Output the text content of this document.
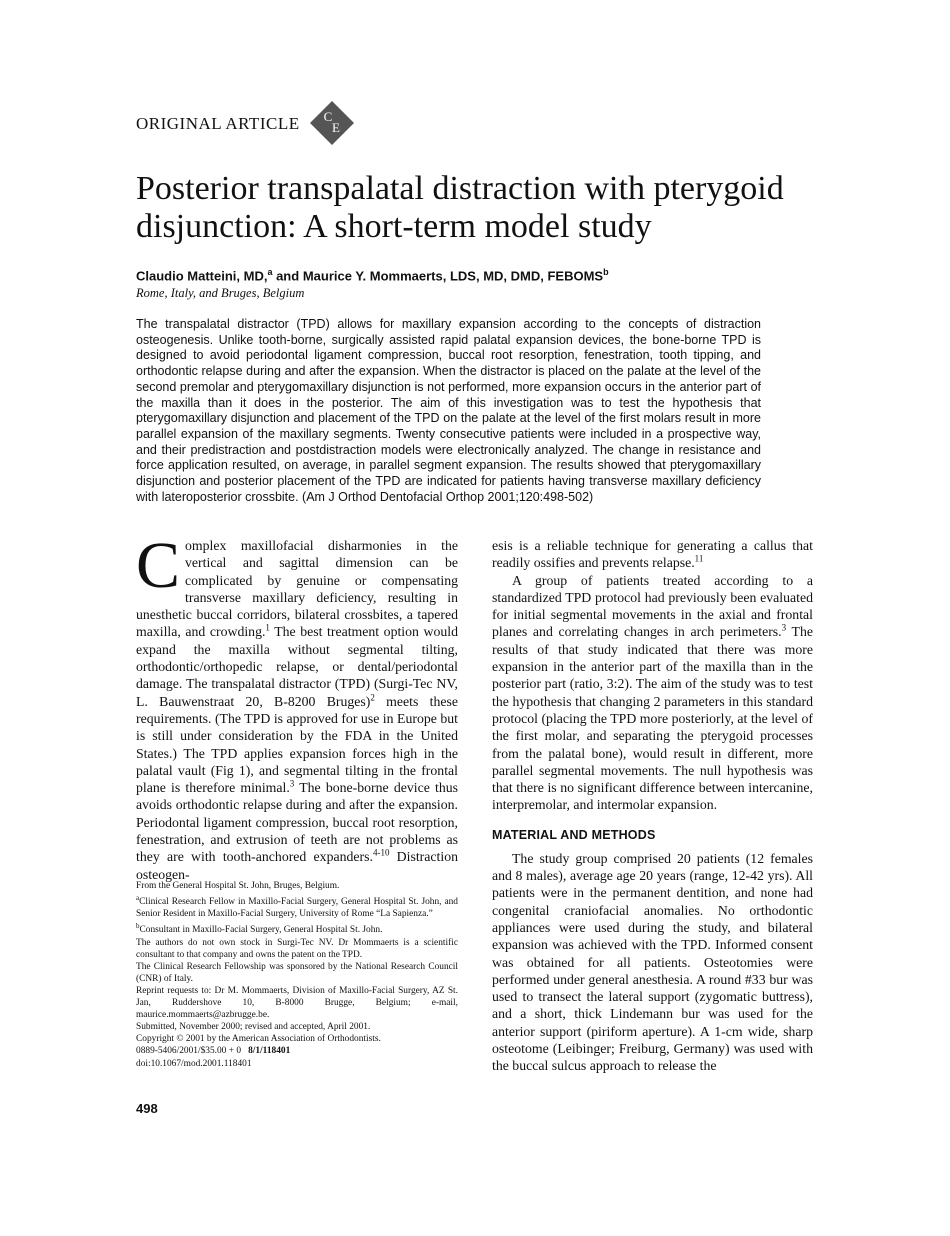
ORIGINAL ARTICLE C
E
Posterior transpalatal distraction with pterygoid disjunction: A short-term model study
Claudio Matteini, MD,$^a$ and Maurice Y. Mommaerts, LDS, MD, DMD, FEBOMS$^b$
Rome, Italy, and Bruges, Belgium

The transpalatal distractor (TPD) allows for maxillary expansion according to the concepts of distraction osteogenesis. Unlike tooth-borne, surgically assisted rapid palatal expansion devices, the bone-borne TPD is designed to avoid periodontal ligament compression, buccal root resorption, fenestration, tooth tipping, and orthodontic relapse during and after the expansion. When the distractor is placed on the palate at the level of the second premolar and pterygomaxillary disjunction is not performed, more expansion occurs in the anterior part of the maxilla than it does in the posterior. The aim of this investigation was to test the hypothesis that pterygomaxillary disjunction and placement of the TPD on the palate at the level of the first molars result in more parallel expansion of the maxillary segments. Twenty consecutive patients were included in a prospective way, and their predistraction and postdistraction models were electronically analyzed. The change in resistance and force application resulted, on average, in parallel segment expansion. The results showed that pterygomaxillary disjunction and posterior placement of the TPD are indicated for patients having transverse maxillary deficiency with lateroposterior crossbite. (Am J Orthod Dentofacial Orthop 2001;120:498-502)

Complex maxillofacial disharmonies in the vertical and sagittal dimension can be complicated by genuine or compensating transverse maxillary deficiency, resulting in unesthetic buccal corridors, bilateral crossbites, a tapered maxilla, and crowding.$^1$ The best treatment option would expand the maxilla without segmental tilting, orthodontic/orthopedic relapse, or dental/periodontal damage. The transpalatal distractor (TPD) (Surgi-Tec NV, L. Bauwenstraat 20, B-8200 Bruges)$^2$ meets these requirements. (The TPD is approved for use in Europe but is still under consideration by the FDA in the United States.) The TPD applies expansion forces high in the palatal vault (Fig 1), and segmental tilting in the frontal plane is therefore minimal.$^3$ The bone-borne device thus avoids orthodontic relapse during and after the expansion. Periodontal ligament compression, buccal root resorption, fenestration, and extrusion of teeth are not problems as they are with tooth-anchored expanders.$^{4-10}$ Distraction osteogen-

From the General Hospital St. John, Bruges, Belgium.

$^a$Clinical Research Fellow in Maxillo-Facial Surgery, General Hospital St. John, and Senior Resident in Maxillo-Facial Surgery, University of Rome “La Sapienza.”

$^b$Consultant in Maxillo-Facial Surgery, General Hospital St. John.

The authors do not own stock in Surgi-Tec NV. Dr Mommaerts is a scientific consultant to that company and owns the patent on the TPD.

The Clinical Research Fellowship was sponsored by the National Research Council (CNR) of Italy.

Reprint requests to: Dr M. Mommaerts, Division of Maxillo-Facial Surgery, AZ St. Jan, Ruddershove 10, B-8000 Brugge, Belgium; e-mail, maurice.mommaerts@azbrugge.be.

Submitted, November 2000; revised and accepted, April 2001.

Copyright © 2001 by the American Association of Orthodontists.

0889-5406/2001/$35.00 + 0 8/1/118401

doi:10.1067/mod.2001.118401

esis is a reliable technique for generating a callus that readily ossifies and prevents relapse.$^{11}$

A group of patients treated according to a standardized TPD protocol had previously been evaluated for initial segmental movements in the axial and frontal planes and correlating changes in arch perimeters.$^3$ The results of that study indicated that there was more expansion in the anterior part of the maxilla than in the posterior part (ratio, 3:2). The aim of the study was to test the hypothesis that changing 2 parameters in this standard protocol (placing the TPD more posteriorly, at the level of the first molar, and separating the pterygoid processes from the palatal bone), would result in different, more parallel segmental movements. The null hypothesis was that there is no significant difference between intercanine, interpremolar, and intermolar expansion.

MATERIAL AND METHODS

The study group comprised 20 patients (12 females and 8 males), average age 20 years (range, 12-42 yrs). All patients were in the permanent dentition, and none had congenital craniofacial anomalies. No orthodontic appliances were used during the study, and bilateral expansion was achieved with the TPD. Informed consent was obtained for all patients. Osteotomies were performed under general anesthesia. A round #33 bur was used to transect the lateral support (zygomatic buttress), and a short, thick Lindemann bur was used for the anterior support (piriform aperture). A 1-cm wide, sharp osteotome (Leibinger; Freiburg, Germany) was used with the buccal sulcus approach to release the

498
